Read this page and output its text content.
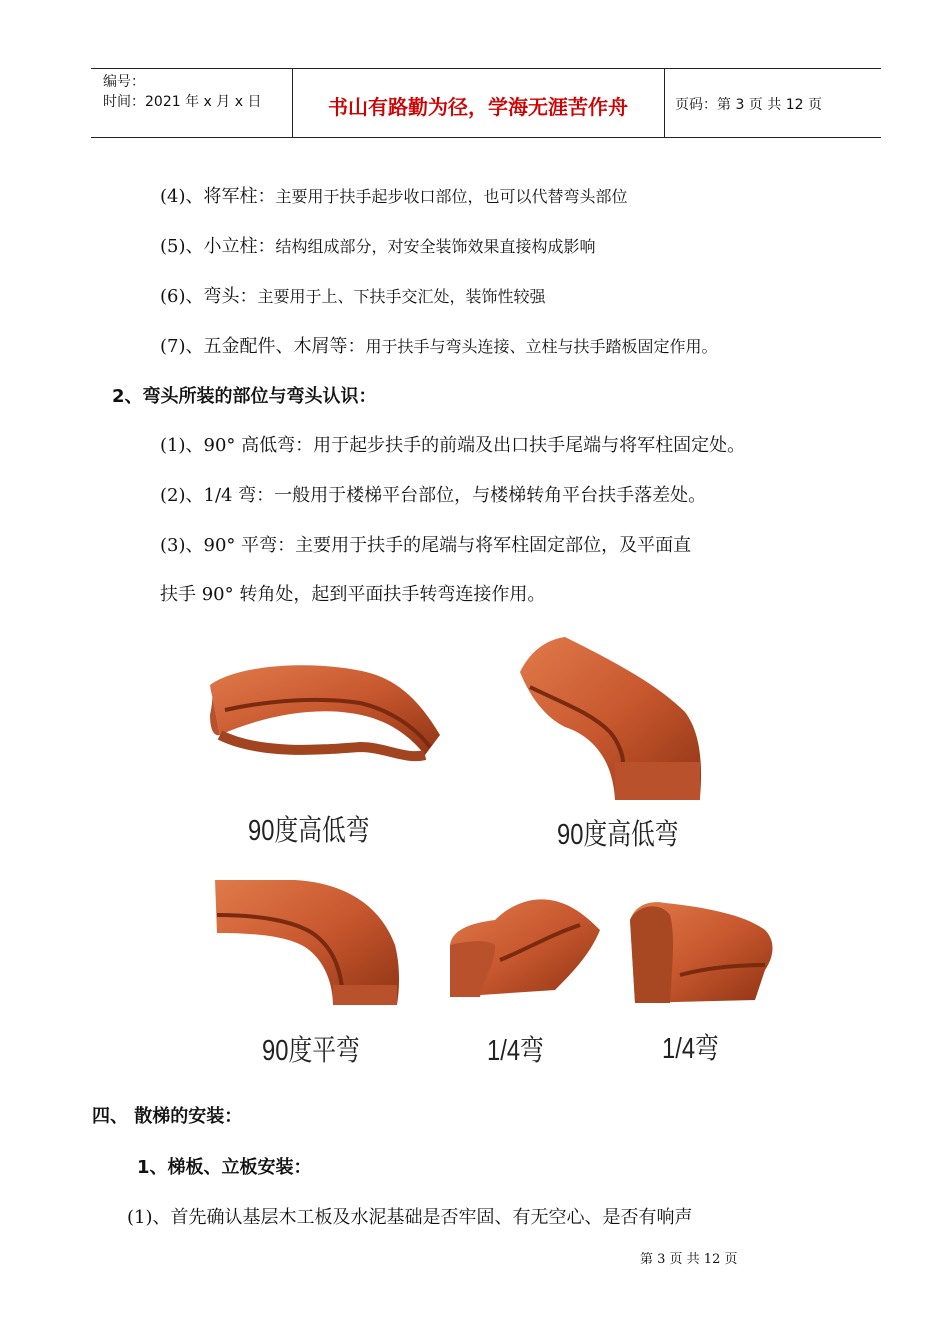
编号：
时间：2021 年 x 月 x 日	书山有路勤为径，学海无涯苦作舟	页码：第 3 页 共 12 页
(4)、将军柱：主要用于扶手起步收口部位，也可以代替弯头部位
(5)、小立柱：结构组成部分，对安全装饰效果直接构成影响
(6)、弯头：主要用于上、下扶手交汇处，装饰性较强
(7)、五金配件、木屑等：用于扶手与弯头连接、立柱与扶手踏板固定作用。
2、弯头所装的部位与弯头认识：
(1)、90° 高低弯：用于起步扶手的前端及出口扶手尾端与将军柱固定处。
(2)、1/4 弯：一般用于楼梯平台部位，与楼梯转角平台扶手落差处。
(3)、90° 平弯：主要用于扶手的尾端与将军柱固定部位，及平面直
扶手 90° 转角处，起到平面扶手转弯连接作用。
90度高低弯	90度高低弯
90度平弯	1/4弯	1/4弯
四、 散梯的安装：
1、梯板、立板安装：
(1)、首先确认基层木工板及水泥基础是否牢固、有无空心、是否有响声
第 3 页 共 12 页
